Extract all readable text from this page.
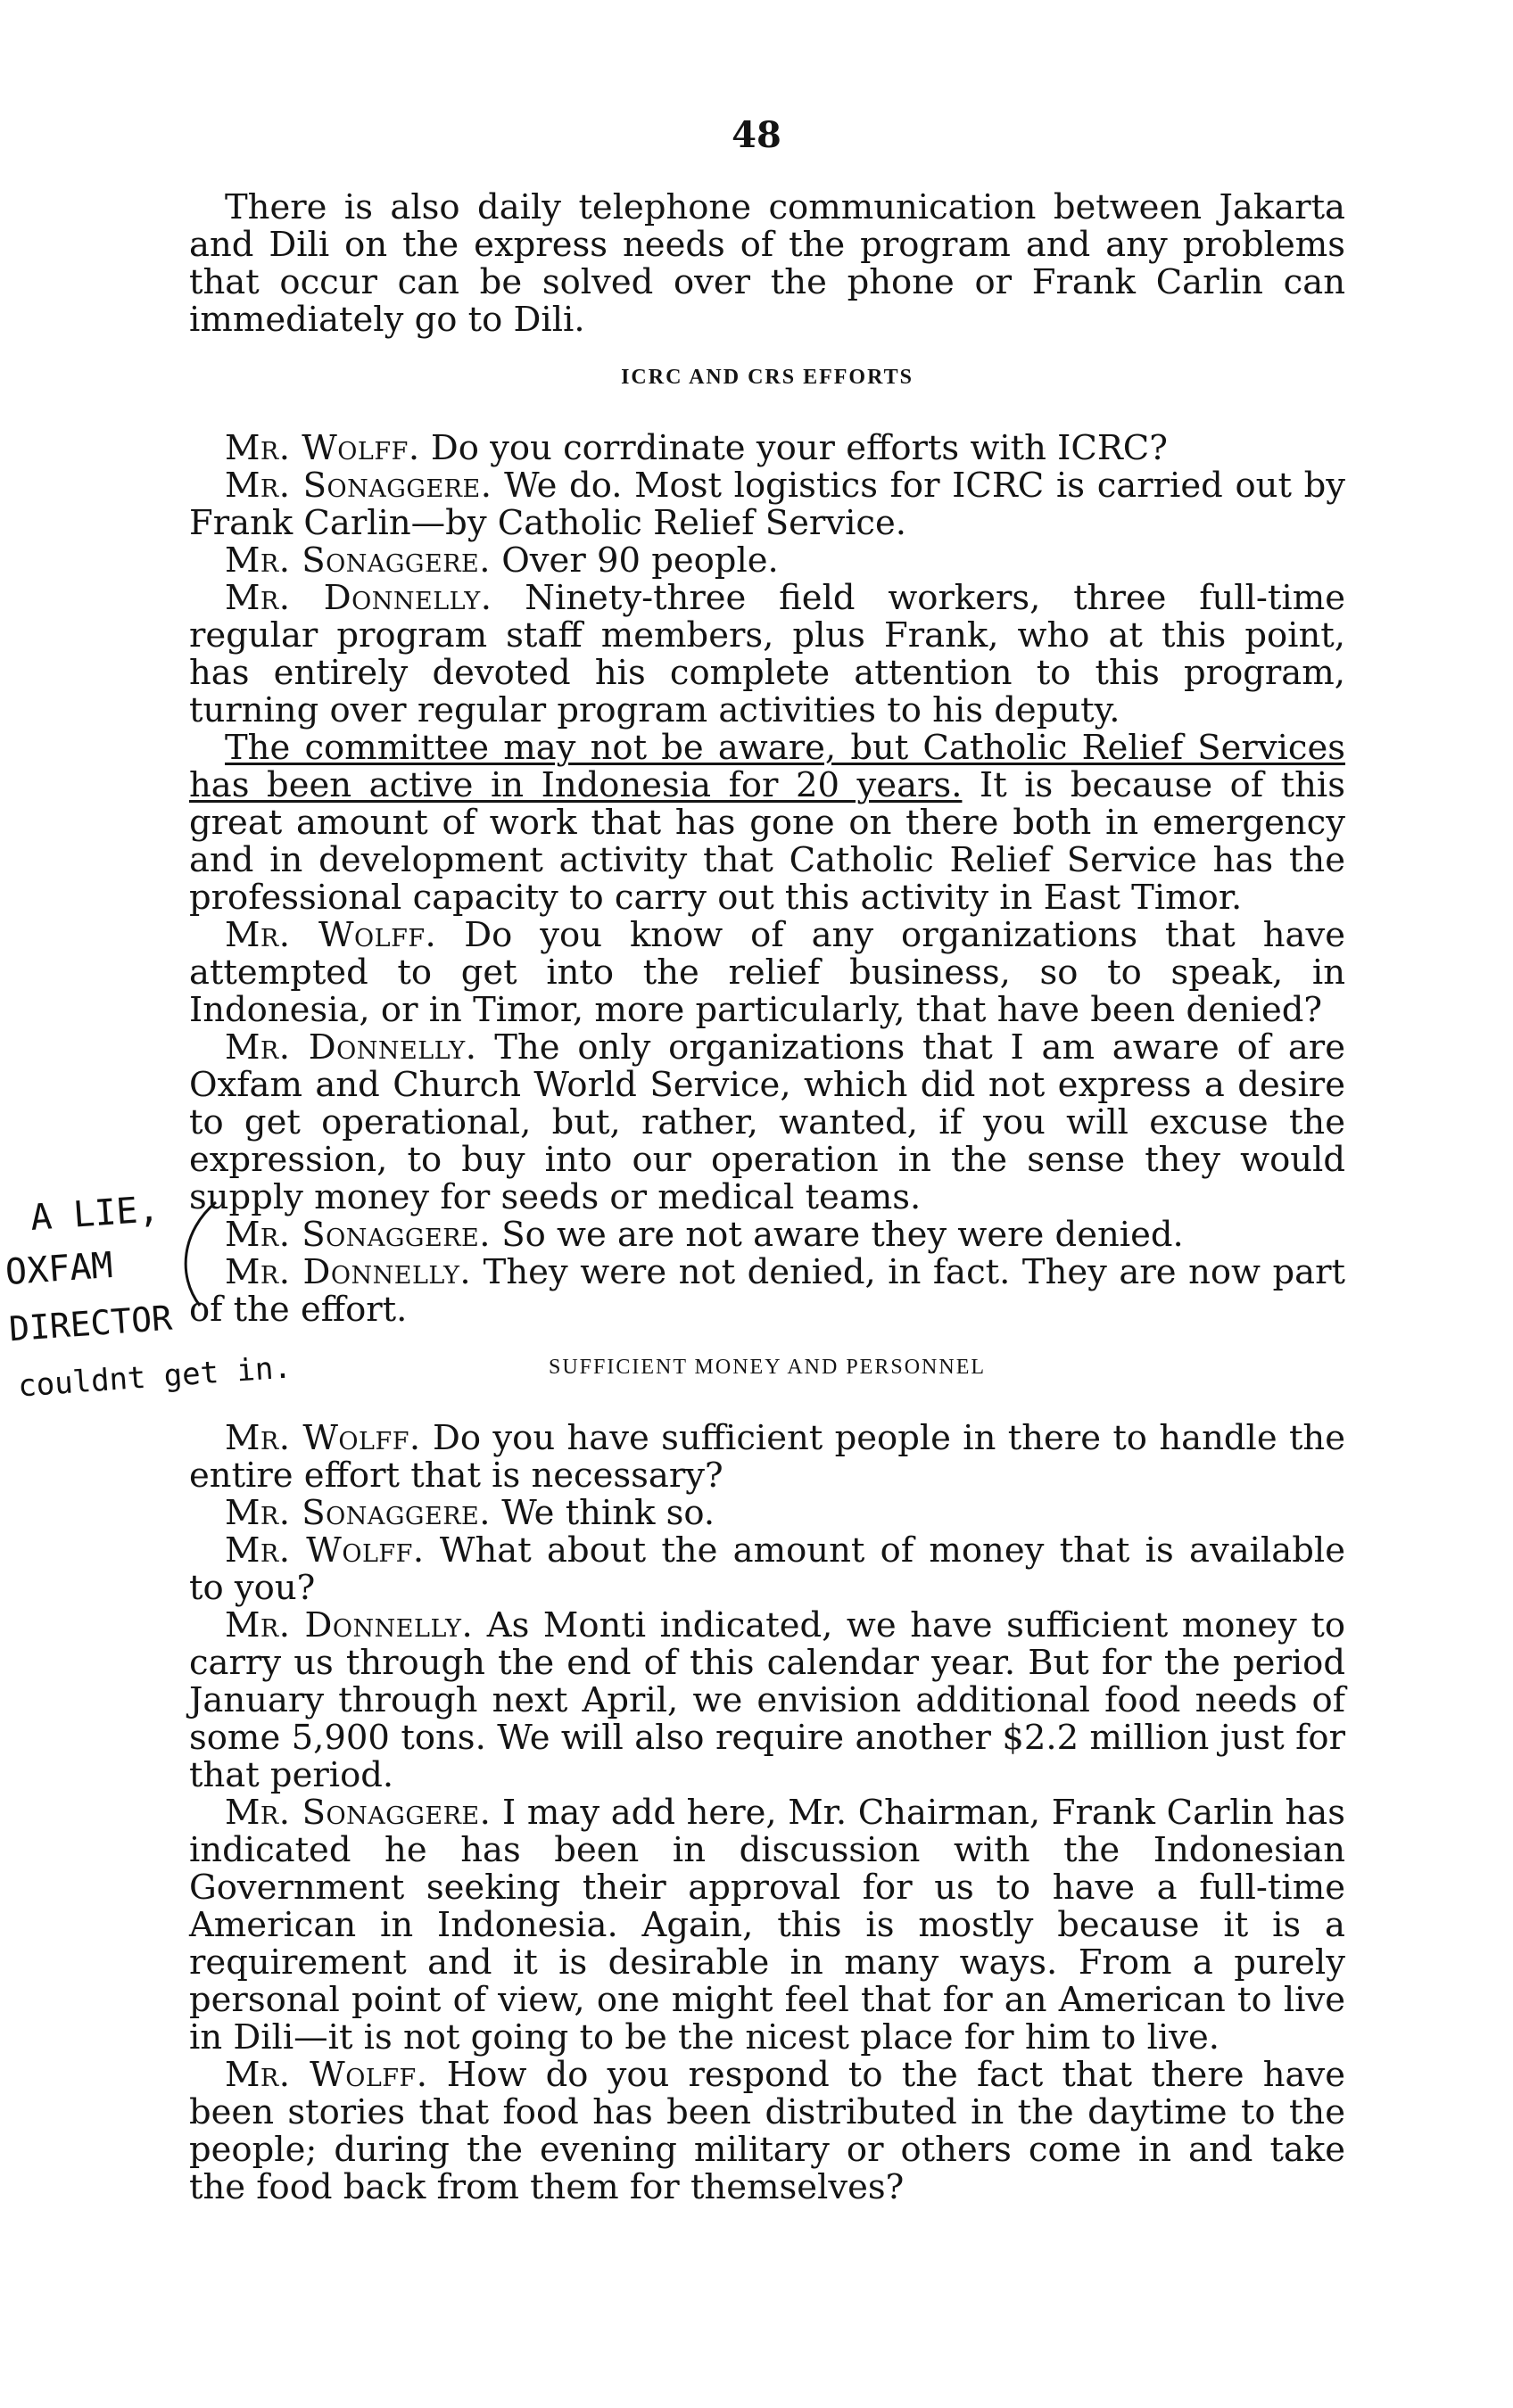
48

There is also daily telephone communication between Jakarta and Dili on the express needs of the program and any problems that occur can be solved over the phone or Frank Carlin can immediately go to Dili.

ICRC AND CRS EFFORTS

Mr. Wolff. Do you corrdinate your efforts with ICRC?

Mr. Sonaggere. We do. Most logistics for ICRC is carried out by Frank Carlin—by Catholic Relief Service.

Mr. Sonaggere. Over 90 people.

Mr. Donnelly. Ninety-three field workers, three full-time regular program staff members, plus Frank, who at this point, has entirely devoted his complete attention to this program, turning over regular program activities to his deputy.

The committee may not be aware, but Catholic Relief Services has been active in Indonesia for 20 years. It is because of this great amount of work that has gone on there both in emergency and in development activity that Catholic Relief Service has the professional capacity to carry out this activity in East Timor.

Mr. Wolff. Do you know of any organizations that have attempted to get into the relief business, so to speak, in Indonesia, or in Timor, more particularly, that have been denied?

Mr. Donnelly. The only organizations that I am aware of are Oxfam and Church World Service, which did not express a desire to get operational, but, rather, wanted, if you will excuse the expression, to buy into our operation in the sense they would supply money for seeds or medical teams.

Mr. Sonaggere. So we are not aware they were denied.

Mr. Donnelly. They were not denied, in fact. They are now part of the effort.

SUFFICIENT MONEY AND PERSONNEL

Mr. Wolff. Do you have sufficient people in there to handle the entire effort that is necessary?

Mr. Sonaggere. We think so.

Mr. Wolff. What about the amount of money that is available to you?

Mr. Donnelly. As Monti indicated, we have sufficient money to carry us through the end of this calendar year. But for the period January through next April, we envision additional food needs of some 5,900 tons. We will also require another $2.2 million just for that period.

Mr. Sonaggere. I may add here, Mr. Chairman, Frank Carlin has indicated he has been in discussion with the Indonesian Government seeking their approval for us to have a full-time American in Indonesia. Again, this is mostly because it is a requirement and it is desirable in many ways. From a purely personal point of view, one might feel that for an American to live in Dili—it is not going to be the nicest place for him to live.

Mr. Wolff. How do you respond to the fact that there have been stories that food has been distributed in the daytime to the people; during the evening military or others come in and take the food back from them for themselves?

A LIE,
OXFAM
DIRECTOR
couldnt get in.
